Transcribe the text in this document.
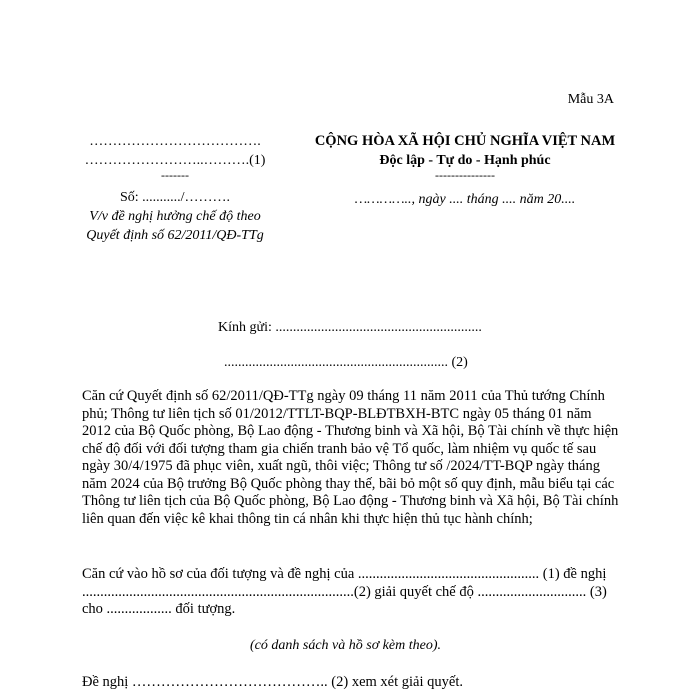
Mẫu 3A
……………………………….
……………………..……….(1)
-------
Số: .........../……….
V/v đề nghị hưởng chế độ theo
Quyết định số 62/2011/QĐ-TTg
CỘNG HÒA XÃ HỘI CHỦ NGHĨA VIỆT NAM
Độc lập - Tự do - Hạnh phúc
---------------
………….., ngày .... tháng .... năm 20....
Kính gửi: ...........................................................
................................................................ (2)

Căn cứ Quyết định số 62/2011/QĐ-TTg ngày 09 tháng 11 năm 2011 của Thủ tướng Chính phủ; Thông tư liên tịch số 01/2012/TTLT-BQP-BLĐTBXH-BTC ngày 05 tháng 01 năm 2012 của Bộ Quốc phòng, Bộ Lao động - Thương binh và Xã hội, Bộ Tài chính về thực hiện chế độ đối với đối tượng tham gia chiến tranh bảo vệ Tổ quốc, làm nhiệm vụ quốc tế sau ngày 30/4/1975 đã phục viên, xuất ngũ, thôi việc; Thông tư số /2024/TT-BQP ngày tháng năm 2024 của Bộ trưởng Bộ Quốc phòng thay thế, bãi bỏ một số quy định, mẫu biểu tại các Thông tư liên tịch của Bộ Quốc phòng, Bộ Lao động - Thương binh và Xã hội, Bộ Tài chính liên quan đến việc kê khai thông tin cá nhân khi thực hiện thủ tục hành chính;

Căn cứ vào hồ sơ của đối tượng và đề nghị của .................................................. (1) đề nghị ...........................................................................(2) giải quyết chế độ .............................. (3) cho .................. đối tượng.

(có danh sách và hồ sơ kèm theo).
Đề nghị ………………………………….. (2) xem xét giải quyết.
